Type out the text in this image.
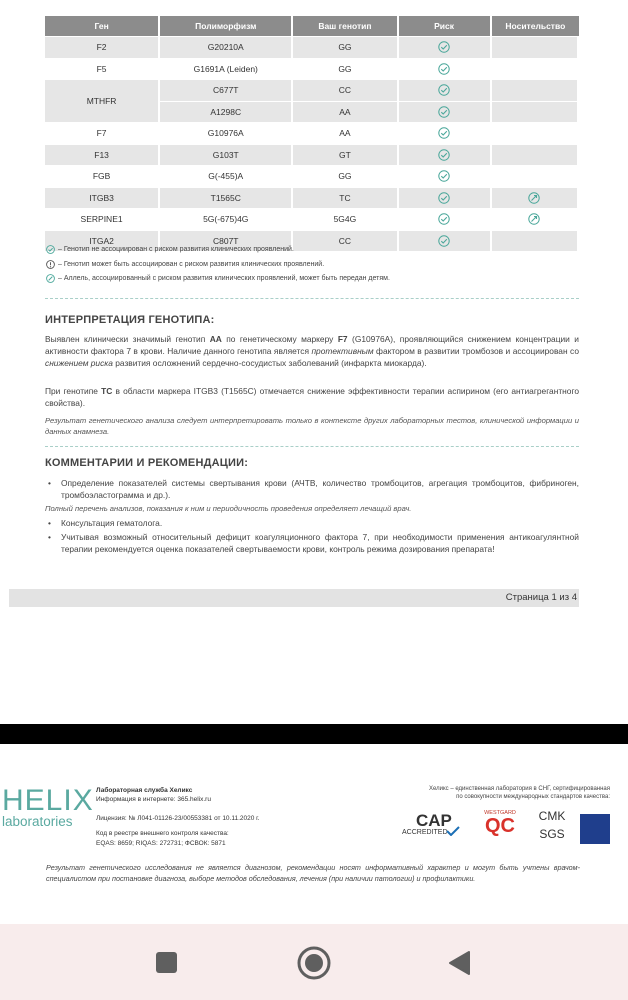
Ген	Полиморфизм	Ваш генотип	Риск	Носительство
F2	G20210A	GG		
F5	G1691A (Leiden)	GG		
MTHFR	C677T	CC		
	A1298C	AA		
F7	G10976A	AA		
F13	G103T	GT		
FGB	G(-455)A	GG		
ITGB3	T1565C	TC		
SERPINE1	5G(-675)4G	5G4G		
ITGA2	C807T	CC		
– Генотип не ассоциирован с риском развития клинических проявлений.
– Генотип может быть ассоциирован с риском развития клинических проявлений.
– Аллель, ассоциированный с риском развития клинических проявлений, может быть передан детям.
ИНТЕРПРЕТАЦИЯ ГЕНОТИПА:
Выявлен клинически значимый генотип AA по генетическому маркеру F7 (G10976A), проявляющийся снижением концентрации и активности фактора 7 в крови. Наличие данного генотипа является протективным фактором в развитии тромбозов и ассоциирован со снижением риска развития осложнений сердечно-сосудистых заболеваний (инфаркта миокарда).
При генотипе TC в области маркера ITGB3 (T1565C) отмечается снижение эффективности терапии аспирином (его антиагрегантного свойства).
Результат генетического анализа следует интерпретировать только в контексте других лабораторных тестов, клинической информации и данных анамнеза.
КОММЕНТАРИИ И РЕКОМЕНДАЦИИ:
• Определение показателей системы свертывания крови (АЧТВ, количество тромбоцитов, агрегация тромбоцитов, фибриноген, тромбоэластограмма и др.).
Полный перечень анализов, показания к ним и периодичность проведения определяет лечащий врач.
• Консультация гематолога.
• Учитывая возможный относительный дефицит коагуляционного фактора 7, при необходимости применения антикоагулянтной терапии рекомендуется оценка показателей свертываемости крови, контроль режима дозирования препарата!
Страница 1 из 4
HELIX
laboratories
Лабораторная служба Хеликс
Информация в интернете: 365.helix.ru
Лицензия: № Л041-01126-23/00553381 от 10.11.2020 г.
Код в реестре внешнего контроля качества:
EQAS: 8659; RIQAS: 272731; ФСВОК: 5871
Хеликс – единственная лаборатория в СНГ, сертифицированная
по совокупности международных стандартов качества:
CAP
ACCREDITED
WESTGARD
QC	CMK
SGS
Результат генетического исследования не является диагнозом, рекомендации носят информативный характер и могут быть учтены врачом-специалистом при постановке диагноза, выборе методов обследования, лечения (при наличии патологии) и профилактики.
